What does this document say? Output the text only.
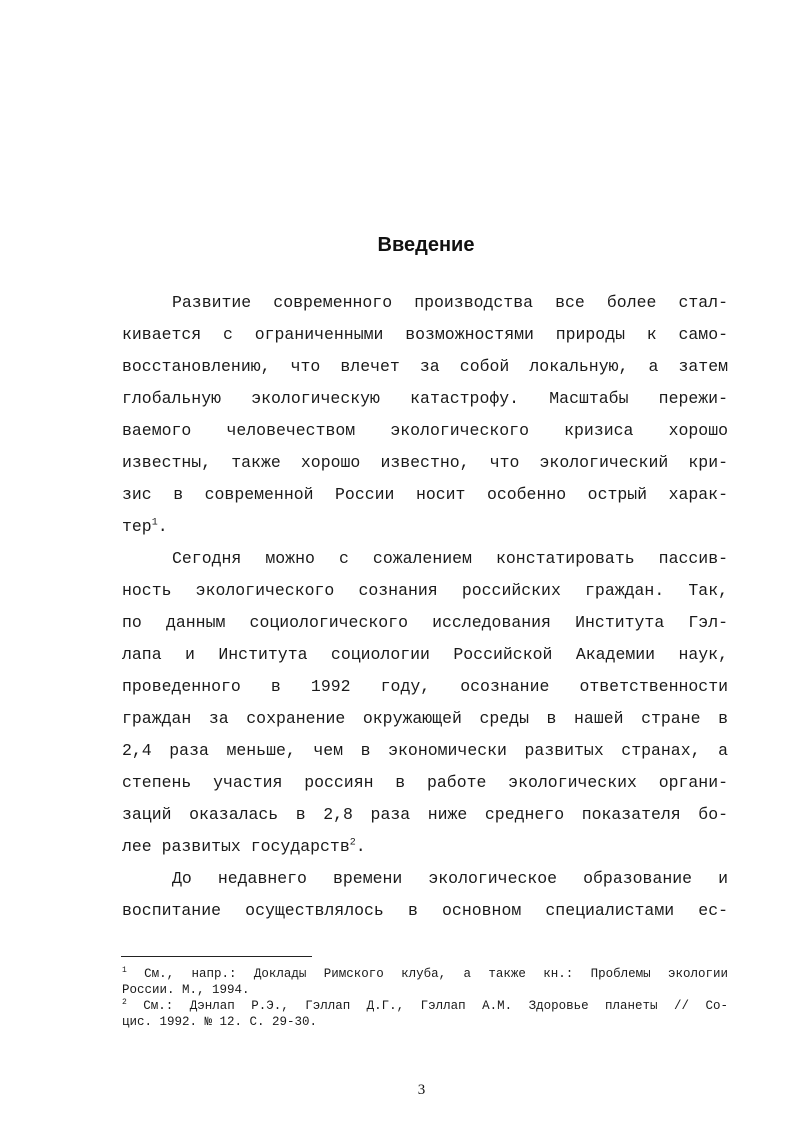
Введение
Развитие современного производства все более стал-
кивается с ограниченными возможностями природы к само-
восстановлению, что влечет за собой локальную, а затем
глобальную экологическую катастрофу. Масштабы пережи-
ваемого человечеством экологического кризиса хорошо
известны, также хорошо известно, что экологический кри-
зис в современной России носит особенно острый харак-
тер$^1$.
Сегодня можно с сожалением констатировать пассив-
ность экологического сознания российских граждан. Так,
по данным социологического исследования Института Гэл-
лапа и Института социологии Российской Академии наук,
проведенного в 1992 году, осознание ответственности
граждан за сохранение окружающей среды в нашей стране в
2,4 раза меньше, чем в экономически развитых странах, а
степень участия россиян в работе экологических органи-
заций оказалась в 2,8 раза ниже среднего показателя бо-
лее развитых государств$^2$.
До недавнего времени экологическое образование и
воспитание осуществлялось в основном специалистами ес-
$^1$ См., напр.: Доклады Римского клуба, а также кн.: Проблемы экологии
России. М., 1994.
$^2$ См.: Дэнлап Р.Э., Гэллап Д.Г., Гэллап А.М. Здоровье планеты // Со-
цис. 1992. № 12. С. 29-30.
3
